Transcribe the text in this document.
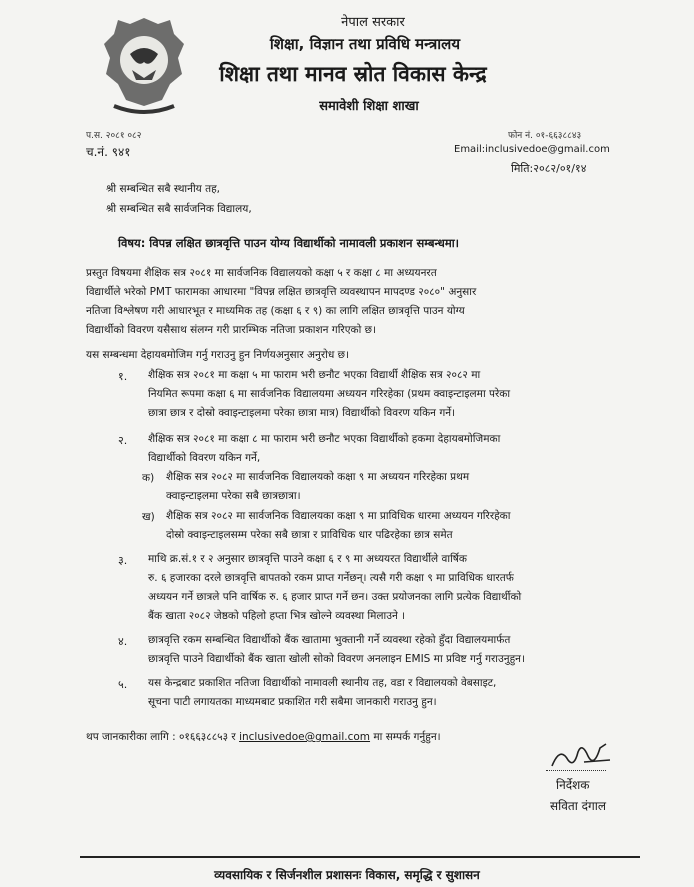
नेपाल सरकार
शिक्षा, विज्ञान तथा प्रविधि मन्त्रालय
शिक्षा तथा मानव स्रोत विकास केन्द्र
समावेशी शिक्षा शाखा

प.स. २०८१ ०८२
च.नं. ९४१
फोन नं. ०१-६६३८८४३
Email:inclusivedoe@gmail.com
मिति:२०८२/०१/१४
श्री सम्बन्धित सबै स्थानीय तह,
श्री सम्बन्धित सबै सार्वजनिक विद्यालय,
विषय: विपन्न लक्षित छात्रवृत्ति पाउन योग्य विद्यार्थीको नामावली प्रकाशन सम्बन्धमा।
प्रस्तुत विषयमा शैक्षिक सत्र २०८१ मा सार्वजनिक विद्यालयको कक्षा ५ र कक्षा ८ मा अध्ययनरत
विद्यार्थीले भरेको PMT फारामका आधारमा "विपन्न लक्षित छात्रवृत्ति व्यवस्थापन मापदण्ड २०८०" अनुसार
नतिजा विश्लेषण गरी आधारभूत र माध्यमिक तह (कक्षा ६ र ९) का लागि लक्षित छात्रवृत्ति पाउन योग्य
विद्यार्थीको विवरण यसैसाथ संलग्न गरी प्रारम्भिक नतिजा प्रकाशन गरिएको छ।
यस सम्बन्धमा देहायबमोजिम गर्नु गराउनु हुन निर्णयअनुसार अनुरोध छ।
१. शैक्षिक सत्र २०८१ मा कक्षा ५ मा फाराम भरी छनौट भएका विद्यार्थी शैक्षिक सत्र २०८२ मा
नियमित रूपमा कक्षा ६ मा सार्वजनिक विद्यालयमा अध्ययन गरिरहेका (प्रथम क्वाइन्टाइलमा परेका
छात्रा छात्र र दोस्रो क्वाइन्टाइलमा परेका छात्रा मात्र) विद्यार्थीको विवरण यकिन गर्ने।
२. शैक्षिक सत्र २०८१ मा कक्षा ८ मा फाराम भरी छनौट भएका विद्यार्थीको हकमा देहायबमोजिमका
विद्यार्थीको विवरण यकिन गर्ने,
क) शैक्षिक सत्र २०८२ मा सार्वजनिक विद्यालयको कक्षा ९ मा अध्ययन गरिरहेका प्रथम
क्वाइन्टाइलमा परेका सबै छात्रछात्रा।
ख) शैक्षिक सत्र २०८२ मा सार्वजनिक विद्यालयका कक्षा ९ मा प्राविधिक धारमा अध्ययन गरिरहेका
दोस्रो क्वाइन्टाइलसम्म परेका सबै छात्रा र प्राविधिक धार पढिरहेका छात्र समेत
३. माथि क्र.सं.१ र २ अनुसार छात्रवृत्ति पाउने कक्षा ६ र ९ मा अध्ययरत विद्यार्थीले वार्षिक
रु. ६ हजारका दरले छात्रवृत्ति बापतको रकम प्राप्त गर्नेछन्। त्यसै गरी कक्षा ९ मा प्राविधिक धारतर्फ
अध्ययन गर्ने छात्रले पनि वार्षिक रु. ६ हजार प्राप्त गर्ने छन। उक्त प्रयोजनका लागि प्रत्येक विद्यार्थीको
बैंक खाता २०८२ जेष्ठको पहिलो हप्ता भित्र खोल्ने व्यवस्था मिलाउने ।
४. छात्रवृत्ति रकम सम्बन्धित विद्यार्थीको बैंक खातामा भुक्तानी गर्ने व्यवस्था रहेको हुँदा विद्यालयमार्फत
छात्रवृत्ति पाउने विद्यार्थीको बैंक खाता खोली सोको विवरण अनलाइन EMIS मा प्रविष्ट गर्नु गराउनुहुन।
५. यस केन्द्रबाट प्रकाशित नतिजा विद्यार्थीको नामावली स्थानीय तह, वडा र विद्यालयको वेबसाइट,
सूचना पाटी लगायतका माध्यमबाट प्रकाशित गरी सबैमा जानकारी गराउनु हुन।
थप जानकारीका लागि : ०१६६३८८५३ र inclusivedoe@gmail.com मा सम्पर्क गर्नुहुन।
निर्देशक
सविता दंगाल
व्यवसायिक र सिर्जनशील प्रशासनः विकास, समृद्धि र सुशासन
